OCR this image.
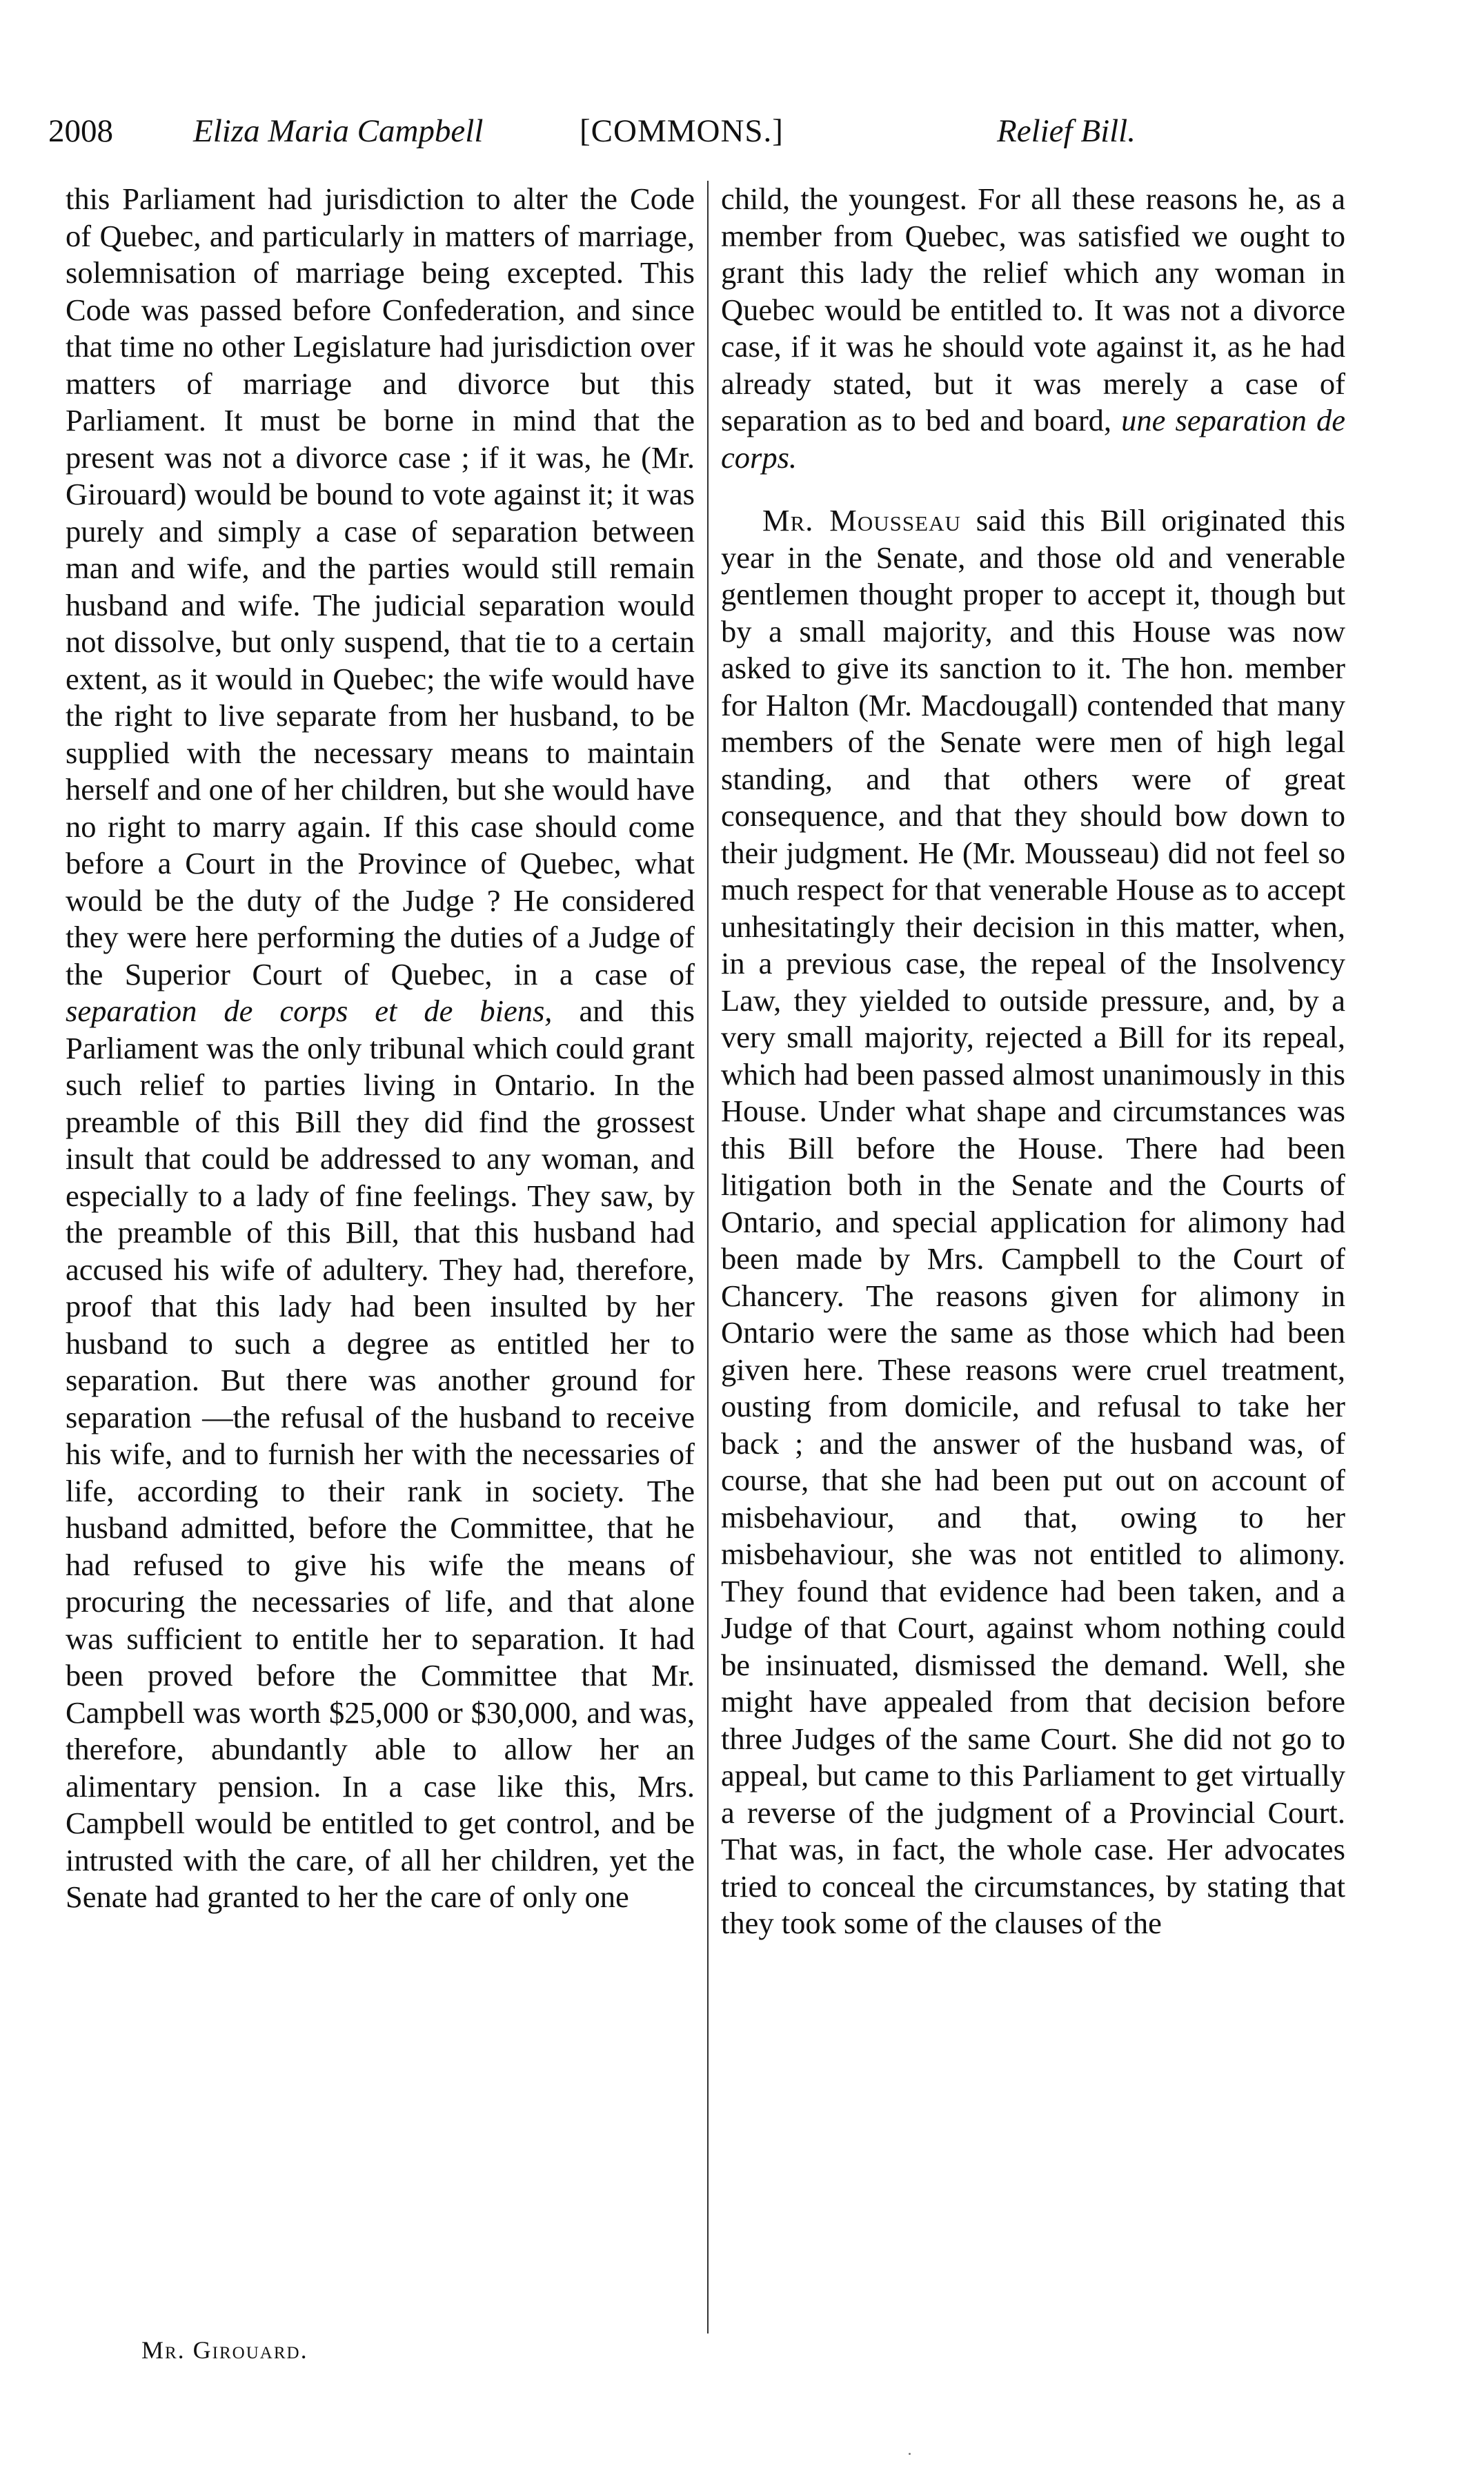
2008 Eliza Maria Campbell	[COMMONS.]	Relief Bill.

this Parliament had jurisdiction to alter the Code of Quebec, and particularly in matters of marriage, solemnisation of marriage being excepted. This Code was passed before Confederation, and since that time no other Legislature had jurisdiction over matters of marriage and divorce but this Parliament. It must be borne in mind that the present was not a divorce case ; if it was, he (Mr. Girouard) would be bound to vote against it; it was purely and simply a case of separation between man and wife, and the parties would still remain husband and wife. The judicial separation would not dissolve, but only suspend, that tie to a certain extent, as it would in Quebec; the wife would have the right to live separate from her husband, to be supplied with the necessary means to maintain herself and one of her children, but she would have no right to marry again. If this case should come before a Court in the Province of Quebec, what would be the duty of the Judge ? He considered they were here performing the duties of a Judge of the Superior Court of Quebec, in a case of separation de corps et de biens, and this Parliament was the only tribunal which could grant such relief to parties living in Ontario. In the preamble of this Bill they did find the grossest insult that could be addressed to any woman, and especially to a lady of fine feelings. They saw, by the preamble of this Bill, that this husband had accused his wife of adultery. They had, therefore, proof that this lady had been insulted by her husband to such a degree as entitled her to separation. But there was another ground for separation —the refusal of the husband to receive his wife, and to furnish her with the necessaries of life, according to their rank in society. The husband admitted, before the Committee, that he had refused to give his wife the means of procuring the necessaries of life, and that alone was sufficient to entitle her to separation. It had been proved before the Committee that Mr. Campbell was worth $25,000 or $30,000, and was, therefore, abundantly able to allow her an alimentary pension. In a case like this, Mrs. Campbell would be entitled to get control, and be intrusted with the care, of all her children, yet the Senate had granted to her the care of only one

child, the youngest. For all these reasons he, as a member from Quebec, was satisfied we ought to grant this lady the relief which any woman in Quebec would be entitled to. It was not a divorce case, if it was he should vote against it, as he had already stated, but it was merely a case of separation as to bed and board, une separation de corps.

Mr. Mousseau said this Bill originated this year in the Senate, and those old and venerable gentlemen thought proper to accept it, though but by a small majority, and this House was now asked to give its sanction to it. The hon. member for Halton (Mr. Macdougall) contended that many members of the Senate were men of high legal standing, and that others were of great consequence, and that they should bow down to their judgment. He (Mr. Mousseau) did not feel so much respect for that venerable House as to accept unhesitatingly their decision in this matter, when, in a previous case, the repeal of the Insolvency Law, they yielded to outside pressure, and, by a very small majority, rejected a Bill for its repeal, which had been passed almost unanimously in this House. Under what shape and circumstances was this Bill before the House. There had been litigation both in the Senate and the Courts of Ontario, and special application for alimony had been made by Mrs. Campbell to the Court of Chancery. The reasons given for alimony in Ontario were the same as those which had been given here. These reasons were cruel treatment, ousting from domicile, and refusal to take her back ; and the answer of the husband was, of course, that she had been put out on account of misbehaviour, and that, owing to her misbehaviour, she was not entitled to alimony. They found that evidence had been taken, and a Judge of that Court, against whom nothing could be insinuated, dismissed the demand. Well, she might have appealed from that decision before three Judges of the same Court. She did not go to appeal, but came to this Parliament to get virtually a reverse of the judgment of a Provincial Court. That was, in fact, the whole case. Her advocates tried to conceal the circumstances, by stating that they took some of the clauses of the

Mr. Girouard.
